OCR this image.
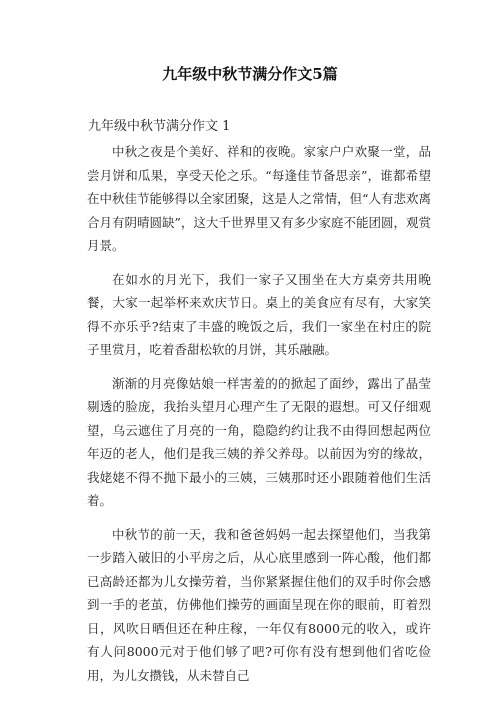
九年级中秋节满分作文5篇

九年级中秋节满分作文 1

中秋之夜是个美好、祥和的夜晚。家家户户欢聚一堂，品尝月饼和瓜果，享受天伦之乐。“每逢佳节备思亲”，谁都希望在中秋佳节能够得以全家团聚，这是人之常情，但“人有悲欢离合月有阴晴圆缺”，这大千世界里又有多少家庭不能团圆，观赏月景。

在如水的月光下，我们一家子又围坐在大方桌旁共用晚餐，大家一起举杯来欢庆节日。桌上的美食应有尽有，大家笑得不亦乐乎?结束了丰盛的晚饭之后，我们一家坐在村庄的院子里赏月，吃着香甜松软的月饼，其乐融融。

渐渐的月亮像姑娘一样害羞的的掀起了面纱，露出了晶莹剔透的脸庞，我抬头望月心理产生了无限的遐想。可又仔细观望，乌云遮住了月亮的一角，隐隐约约让我不由得回想起两位年迈的老人，他们是我三姨的养父养母。以前因为穷的缘故，我姥姥不得不抛下最小的三姨，三姨那时还小跟随着他们生活着。

中秋节的前一天，我和爸爸妈妈一起去探望他们，当我第一步踏入破旧的小平房之后，从心底里感到一阵心酸，他们都已高龄还都为儿女操劳着，当你紧紧握住他们的双手时你会感到一手的老茧，仿佛他们操劳的画面呈现在你的眼前，盯着烈日，风吹日晒但还在种庄稼，一年仅有8000元的收入，或许有人问8000元对于他们够了吧?可你有没有想到他们省吃俭用，为儿女攒钱，从未替自己
